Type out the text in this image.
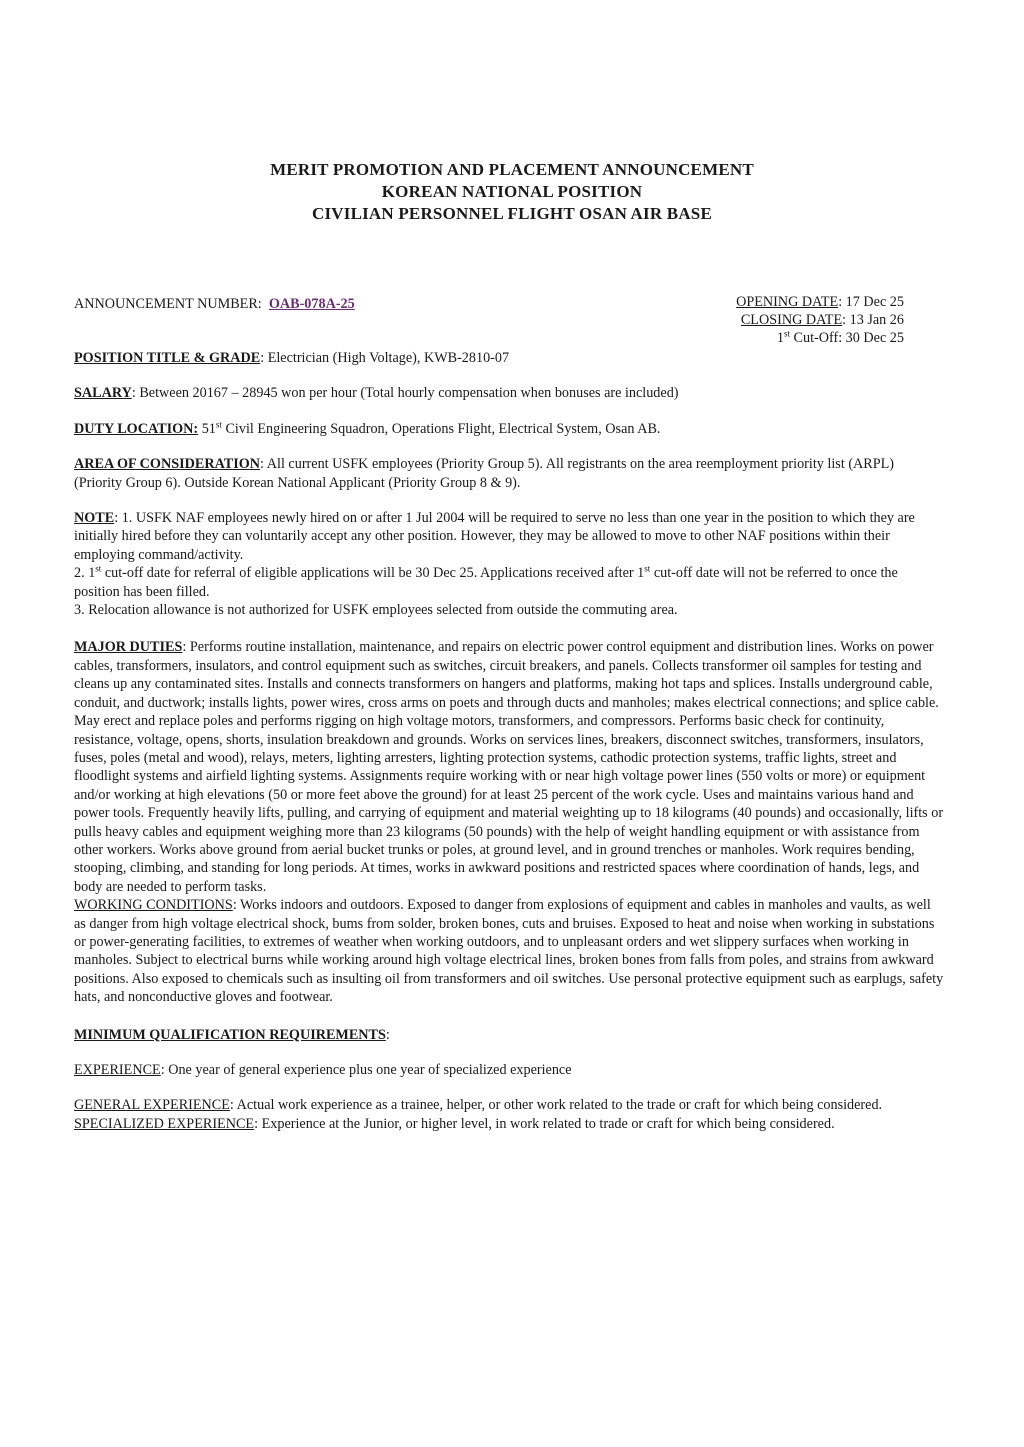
MERIT PROMOTION AND PLACEMENT ANNOUNCEMENT
KOREAN NATIONAL POSITION
CIVILIAN PERSONNEL FLIGHT OSAN AIR BASE
ANNOUNCEMENT NUMBER: OAB-078A-25	OPENING DATE: 17 Dec 25
CLOSING DATE: 13 Jan 26
1st Cut-Off: 30 Dec 25

POSITION TITLE & GRADE: Electrician (High Voltage), KWB-2810-07

SALARY: Between 20167 – 28945 won per hour (Total hourly compensation when bonuses are included)

DUTY LOCATION: 51st Civil Engineering Squadron, Operations Flight, Electrical System, Osan AB.

AREA OF CONSIDERATION: All current USFK employees (Priority Group 5). All registrants on the area reemployment priority list (ARPL) (Priority Group 6). Outside Korean National Applicant (Priority Group 8 & 9).

NOTE: 1. USFK NAF employees newly hired on or after 1 Jul 2004 will be required to serve no less than one year in the position to which they are initially hired before they can voluntarily accept any other position. However, they may be allowed to move to other NAF positions within their employing command/activity.

2. 1st cut-off date for referral of eligible applications will be 30 Dec 25. Applications received after 1st cut-off date will not be referred to once the position has been filled.

3. Relocation allowance is not authorized for USFK employees selected from outside the commuting area.

MAJOR DUTIES: Performs routine installation, maintenance, and repairs on electric power control equipment and distribution lines. Works on power cables, transformers, insulators, and control equipment such as switches, circuit breakers, and panels. Collects transformer oil samples for testing and cleans up any contaminated sites. Installs and connects transformers on hangers and platforms, making hot taps and splices. Installs underground cable, conduit, and ductwork; installs lights, power wires, cross arms on poets and through ducts and manholes; makes electrical connections; and splice cable. May erect and replace poles and performs rigging on high voltage motors, transformers, and compressors. Performs basic check for continuity, resistance, voltage, opens, shorts, insulation breakdown and grounds. Works on services lines, breakers, disconnect switches, transformers, insulators, fuses, poles (metal and wood), relays, meters, lighting arresters, lighting protection systems, cathodic protection systems, traffic lights, street and floodlight systems and airfield lighting systems. Assignments require working with or near high voltage power lines (550 volts or more) or equipment and/or working at high elevations (50 or more feet above the ground) for at least 25 percent of the work cycle. Uses and maintains various hand and power tools. Frequently heavily lifts, pulling, and carrying of equipment and material weighting up to 18 kilograms (40 pounds) and occasionally, lifts or pulls heavy cables and equipment weighing more than 23 kilograms (50 pounds) with the help of weight handling equipment or with assistance from other workers. Works above ground from aerial bucket trunks or poles, at ground level, and in ground trenches or manholes. Work requires bending, stooping, climbing, and standing for long periods. At times, works in awkward positions and restricted spaces where coordination of hands, legs, and body are needed to perform tasks.

WORKING CONDITIONS: Works indoors and outdoors. Exposed to danger from explosions of equipment and cables in manholes and vaults, as well as danger from high voltage electrical shock, bums from solder, broken bones, cuts and bruises. Exposed to heat and noise when working in substations or power-generating facilities, to extremes of weather when working outdoors, and to unpleasant orders and wet slippery surfaces when working in manholes. Subject to electrical burns while working around high voltage electrical lines, broken bones from falls from poles, and strains from awkward positions. Also exposed to chemicals such as insulting oil from transformers and oil switches. Use personal protective equipment such as earplugs, safety hats, and nonconductive gloves and footwear.

MINIMUM QUALIFICATION REQUIREMENTS:

EXPERIENCE: One year of general experience plus one year of specialized experience

GENERAL EXPERIENCE: Actual work experience as a trainee, helper, or other work related to the trade or craft for which being considered.

SPECIALIZED EXPERIENCE: Experience at the Junior, or higher level, in work related to trade or craft for which being considered.
